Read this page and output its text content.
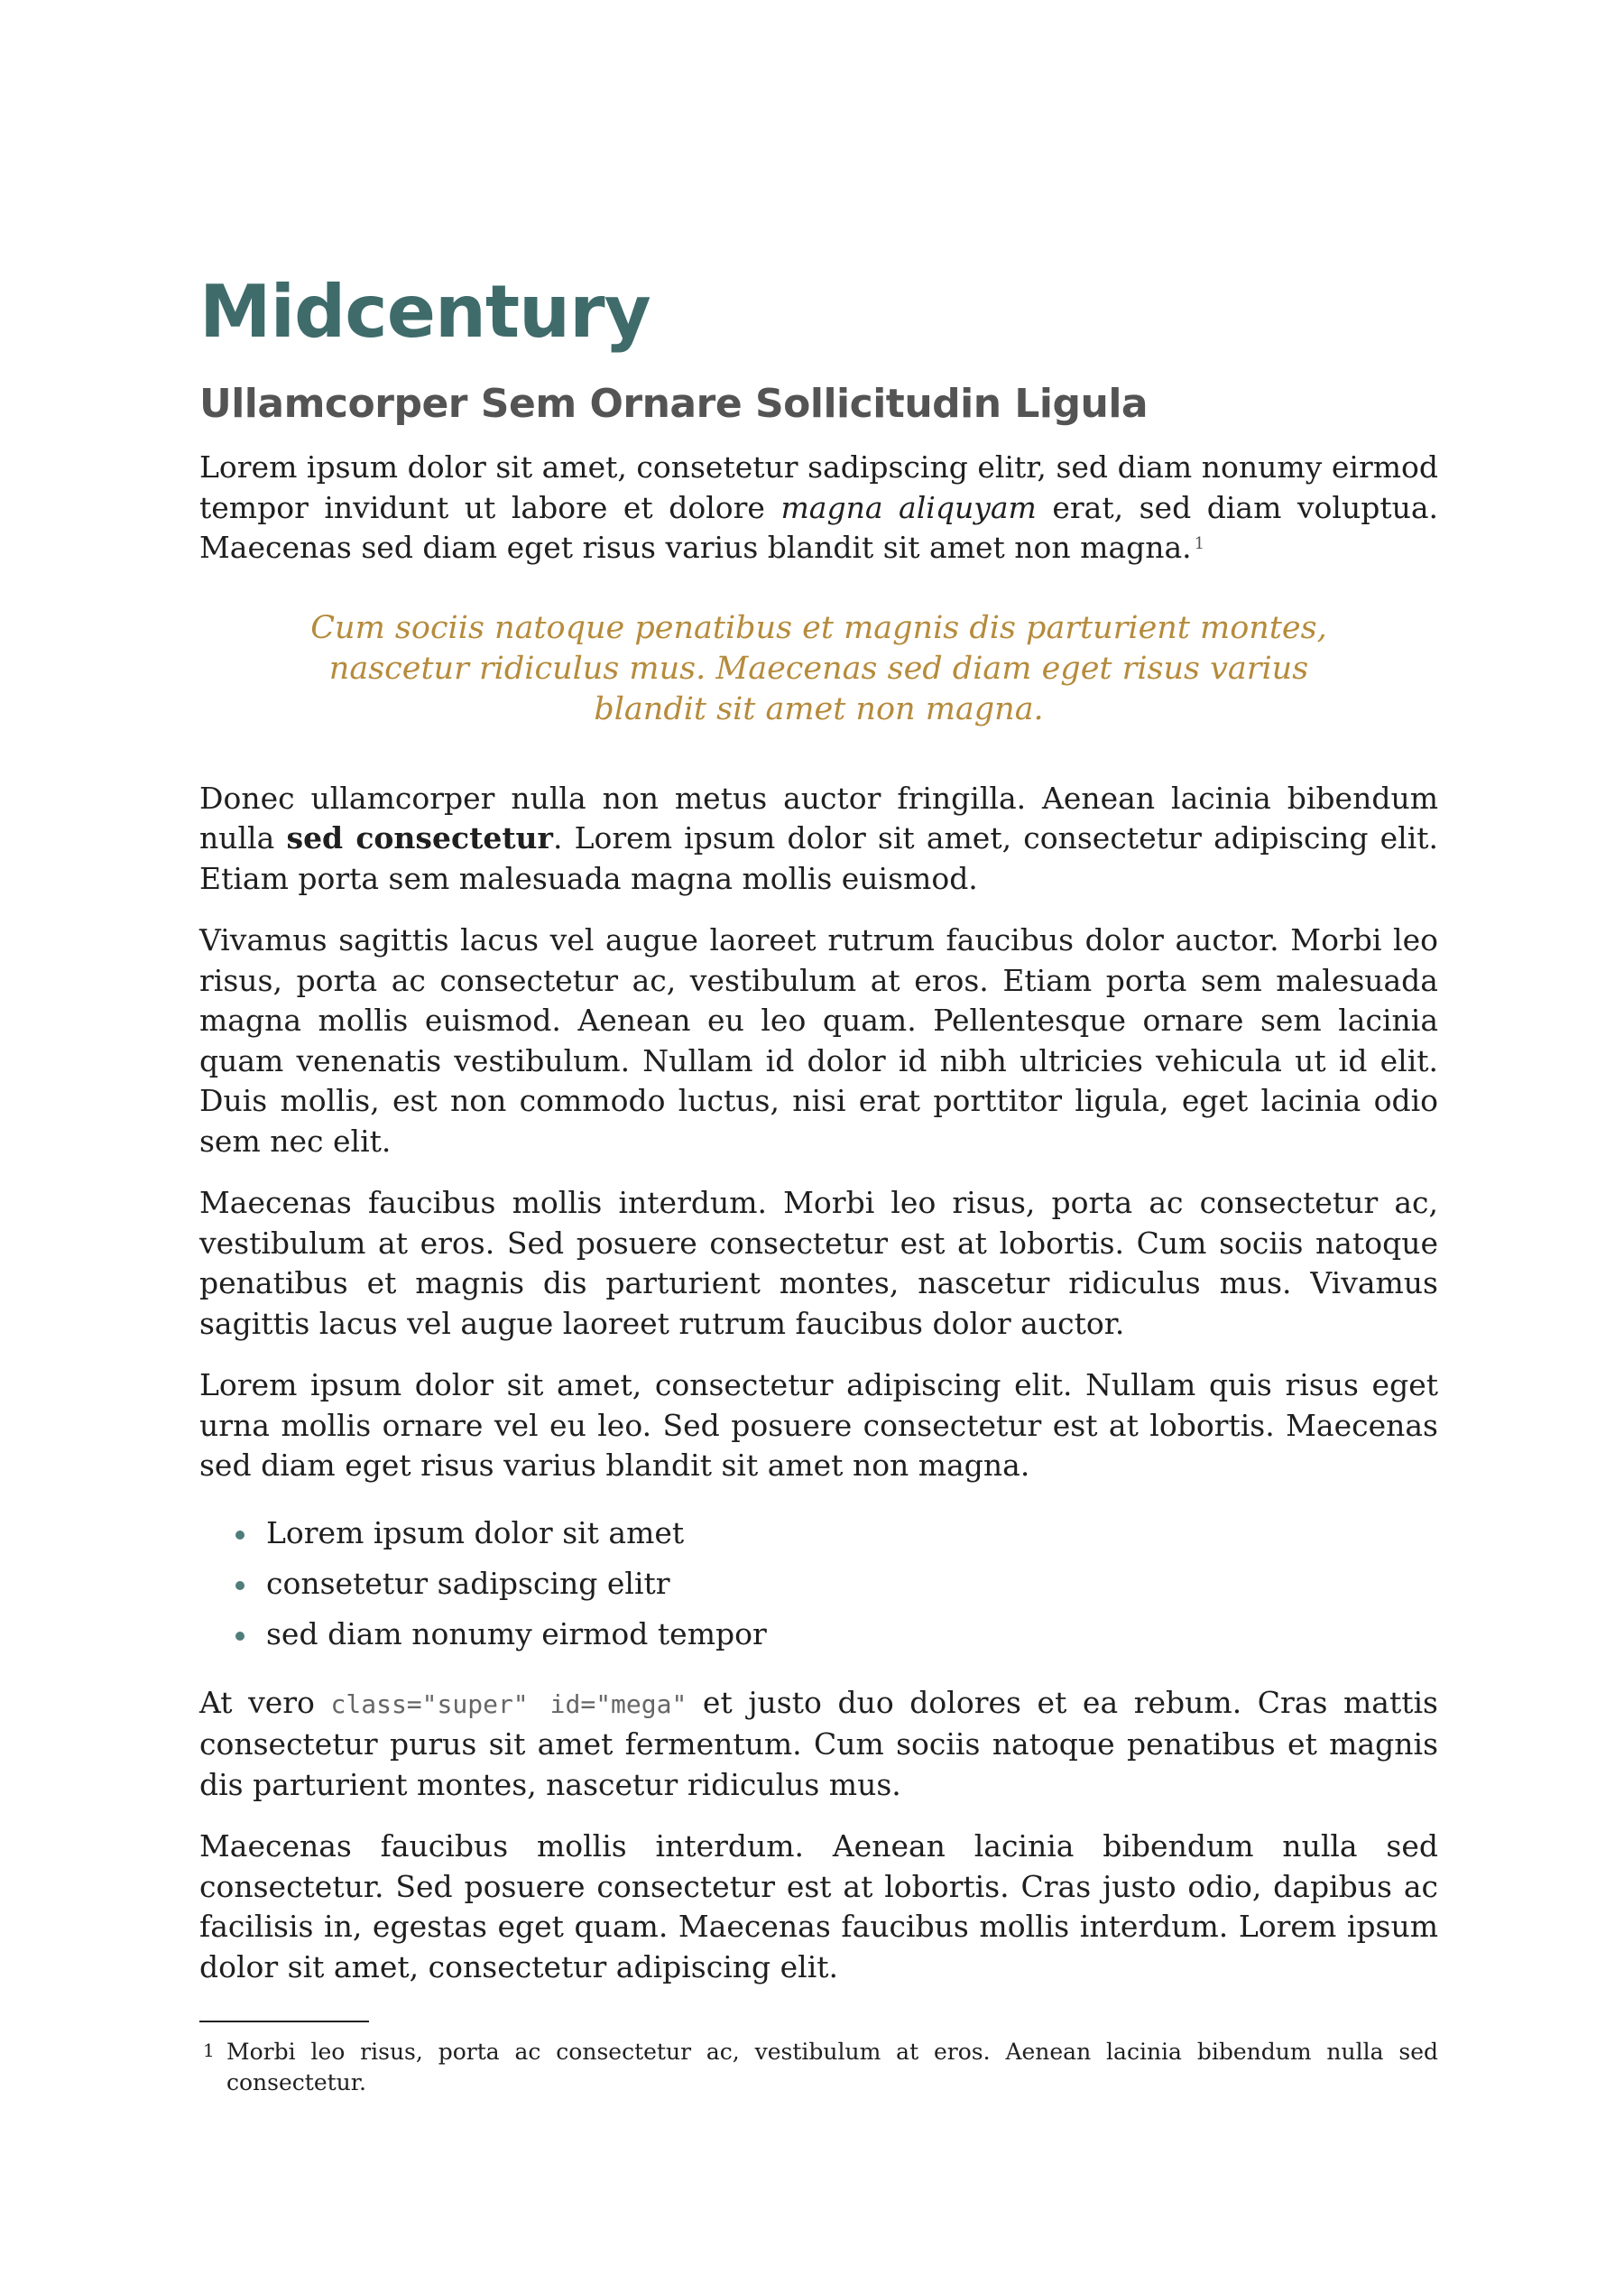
Midcentury
Ullamcorper Sem Ornare Sollicitudin Ligula

Lorem ipsum dolor sit amet, consetetur sadipscing elitr, sed diam nonumy eirmod tempor invidunt ut labore et dolore magna aliquyam erat, sed diam voluptua. Maecenas sed diam eget risus varius blandit sit amet non magna. $^1$

Cum sociis natoque penatibus et magnis dis parturient montes, nascetur ridiculus mus. Maecenas sed diam eget risus varius blandit sit amet non magna.

Donec ullamcorper nulla non metus auctor fringilla. Aenean lacinia bibendum nulla sed consectetur. Lorem ipsum dolor sit amet, consectetur adipiscing elit. Etiam porta sem malesuada magna mollis euismod.

Vivamus sagittis lacus vel augue laoreet rutrum faucibus dolor auctor. Morbi leo risus, porta ac consectetur ac, vestibulum at eros. Etiam porta sem malesuada magna mollis euismod. Aenean eu leo quam. Pellentesque ornare sem lacinia quam venenatis vestibulum. Nullam id dolor id nibh ultricies vehicula ut id elit. Duis mollis, est non commodo luctus, nisi erat porttitor ligula, eget lacinia odio sem nec elit.

Maecenas faucibus mollis interdum. Morbi leo risus, porta ac consectetur ac, vestibulum at eros. Sed posuere consectetur est at lobortis. Cum sociis natoque penatibus et magnis dis parturient montes, nascetur ridiculus mus. Vivamus sagittis lacus vel augue laoreet rutrum faucibus dolor auctor.

Lorem ipsum dolor sit amet, consectetur adipiscing elit. Nullam quis risus eget urna mollis ornare vel eu leo. Sed posuere consectetur est at lobortis. Maecenas sed diam eget risus varius blandit sit amet non magna.

Lorem ipsum dolor sit amet
consetetur sadipscing elitr
sed diam nonumy eirmod tempor

At vero class="super" id="mega" et justo duo dolores et ea rebum. Cras mattis consectetur purus sit amet fermentum. Cum sociis natoque penatibus et magnis dis parturient montes, nascetur ridiculus mus.

Maecenas faucibus mollis interdum. Aenean lacinia bibendum nulla sed consectetur. Sed posuere consectetur est at lobortis. Cras justo odio, dapibus ac facilisis in, egestas eget quam. Maecenas faucibus mollis interdum. Lorem ipsum dolor sit amet, consectetur adipiscing elit.

1 Morbi leo risus, porta ac consectetur ac, vestibulum at eros. Aenean lacinia bibendum nulla sed consectetur.
